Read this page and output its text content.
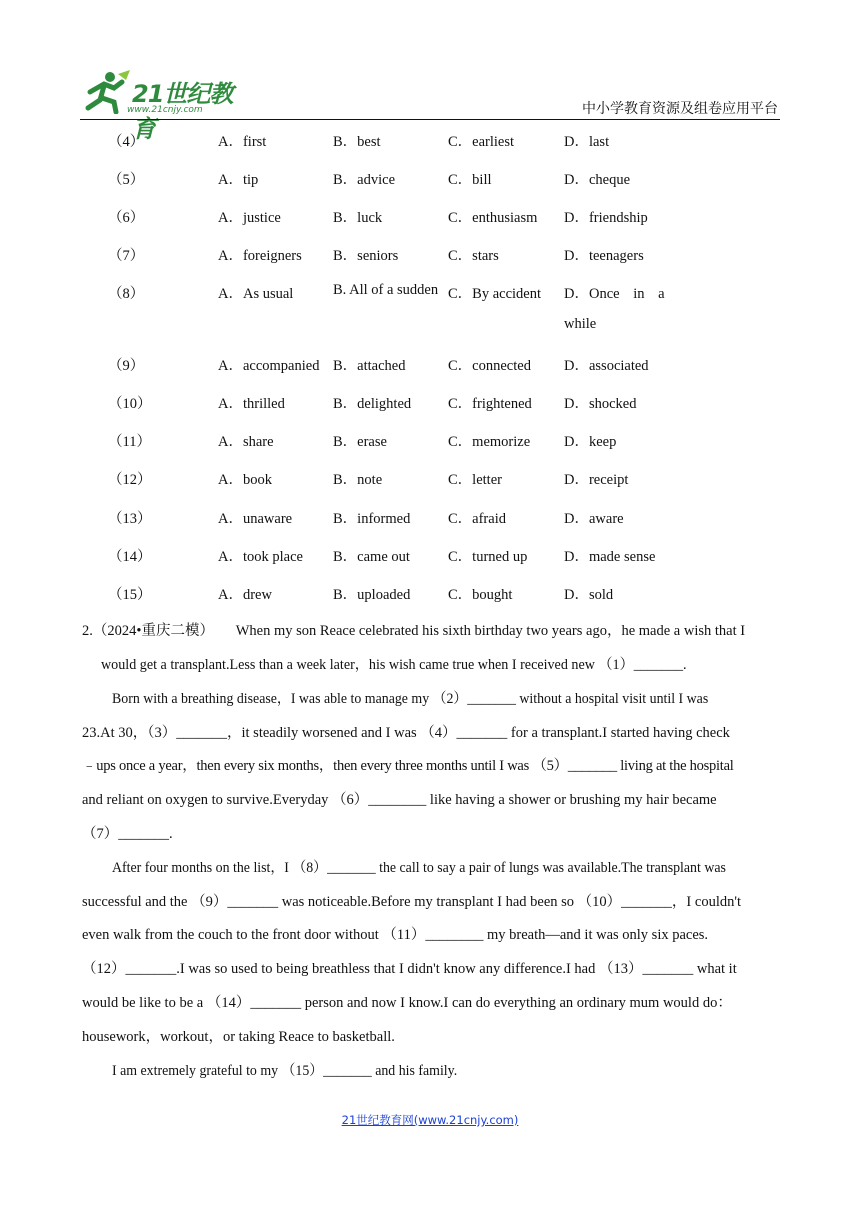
21世纪教育
www.21cnjy.com	中小学教育资源及组卷应用平台
（4）	A．first	B．best	C．earliest	D．last
（5）	A．tip	B．advice	C．bill	D．cheque
（6）	A．justice	B．luck	C．enthusiasm D．friendship
（7）	A．foreigners B．seniors	C．stars	D．teenagers
（8）	A．As usual	B. All of a sudden C．By accident D．Once in a
while
（9）	A．accompanied B．attached	C．connected D．associated
（10）	A．thrilled	B．delighted	C．frightened D．shocked
（11）	A．share	B．erase	C．memorize D．keep
（12）	A．book	B．note	C．letter	D．receipt
（13）	A．unaware	B．informed	C．afraid	D．aware
（14）	A．took place B．came out	C．turned up	D．made sense
（15）	A．drew	B．uploaded	C．bought	D．sold
2.（2024•重庆二模）　　When my son Reace celebrated his sixth birthday two years ago，he made a wish that I
would get a transplant.Less than a week later，his wish came true when I received new （1）_______.
Born with a breathing disease，I was able to manage my （2）_______ without a hospital visit until I was
23.At 30，（3）_______，it steadily worsened and I was （4）_______ for a transplant.I started having check
﹣ups once a year，then every six months，then every three months until I was （5）_______ living at the hospital
and reliant on oxygen to survive.Everyday （6）________ like having a shower or brushing my hair became
（7）_______.
After four months on the list，I （8）_______ the call to say a pair of lungs was available.The transplant was
successful and the （9）_______ was noticeable.Before my transplant I had been so （10）_______，I couldn't
even walk from the couch to the front door without （11）________ my breath—and it was only six paces.
（12）_______.I was so used to being breathless that I didn't know any difference.I had （13）_______ what it
would be like to be a （14）_______ person and now I know.I can do everything an ordinary mum would do：
housework，workout，or taking Reace to basketball.
I am extremely grateful to my （15）_______ and his family.
21世纪教育网(www.21cnjy.com)
